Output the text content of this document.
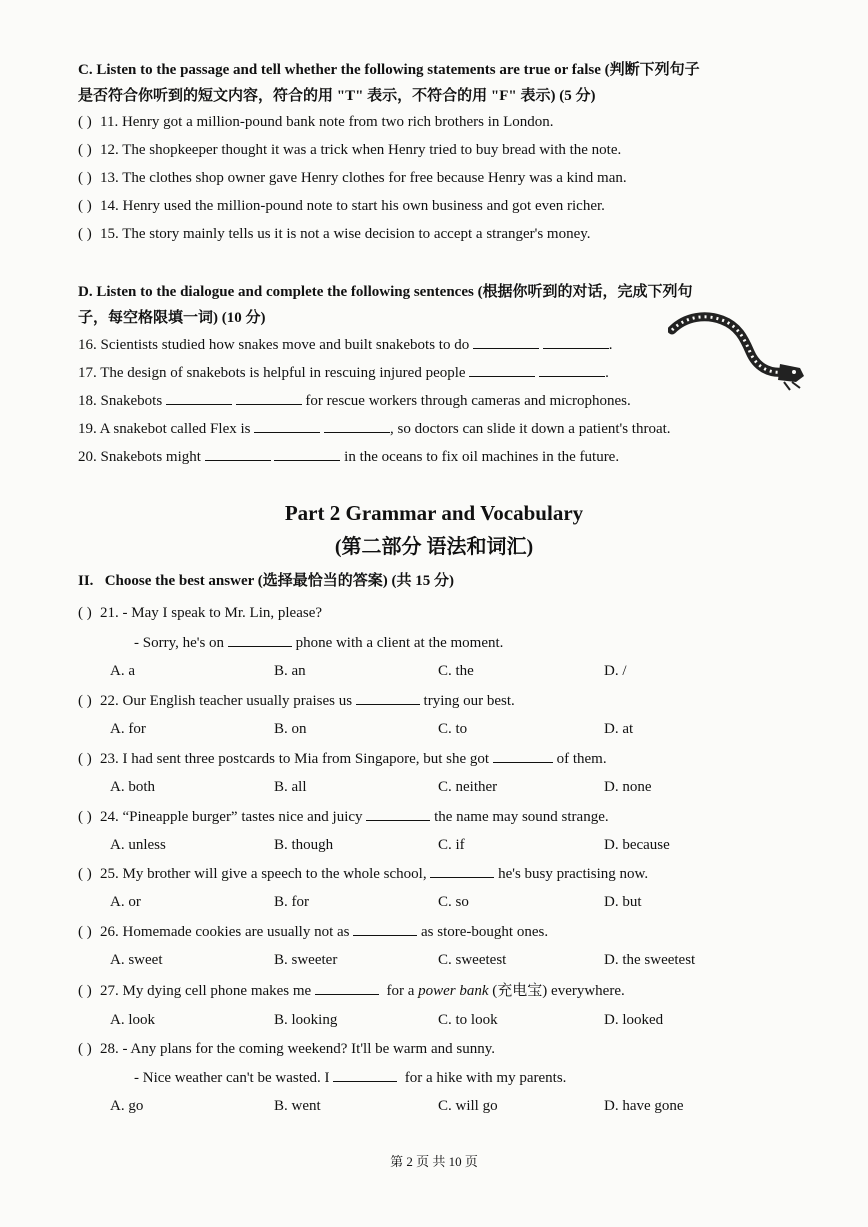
C. Listen to the passage and tell whether the following statements are true or false (判断下列句子
是否符合你听到的短文内容，符合的用 "T" 表示，不符合的用 "F" 表示) (5 分)
( ) 11. Henry got a million-pound bank note from two rich brothers in London.
( ) 12. The shopkeeper thought it was a trick when Henry tried to buy bread with the note.
( ) 13. The clothes shop owner gave Henry clothes for free because Henry was a kind man.
( ) 14. Henry used the million-pound note to start his own business and got even richer.
( ) 15. The story mainly tells us it is not a wise decision to accept a stranger's money.
D. Listen to the dialogue and complete the following sentences (根据你听到的对话，完成下列句
子，每空格限填一词) (10 分)
16. Scientists studied how snakes move and built snakebots to do	.
17. The design of snakebots is helpful in rescuing injured people	.
18. Snakebots	for rescue workers through cameras and microphones.
19. A snakebot called Flex is	, so doctors can slide it down a patient's throat.
20. Snakebots might	in the oceans to fix oil machines in the future.
Part 2 Grammar and Vocabulary
(第二部分 语法和词汇)
II. Choose the best answer (选择最恰当的答案) (共 15 分)
( ) 21. - May I speak to Mr. Lin, please?
- Sorry, he's on	phone with a client at the moment.
A. a	B. an	C. the	D. /
( ) 22. Our English teacher usually praises us	trying our best.
A. for	B. on	C. to	D. at
( ) 23. I had sent three postcards to Mia from Singapore, but she got	of them.
A. both	B. all	C. neither	D. none
( ) 24. “Pineapple burger” tastes nice and juicy	the name may sound strange.
A. unless	B. though	C. if	D. because
( ) 25. My brother will give a speech to the whole school,	he's busy practising now.
A. or	B. for	C. so	D. but
( ) 26. Homemade cookies are usually not as	as store-bought ones.
A. sweet	B. sweeter	C. sweetest	D. the sweetest
( ) 27. My dying cell phone makes me	for a power bank (充电宝) everywhere.
A. look	B. looking	C. to look	D. looked
( ) 28. - Any plans for the coming weekend? It'll be warm and sunny.
- Nice weather can't be wasted. I	for a hike with my parents.
A. go	B. went	C. will go	D. have gone
第 2 页 共 10 页
